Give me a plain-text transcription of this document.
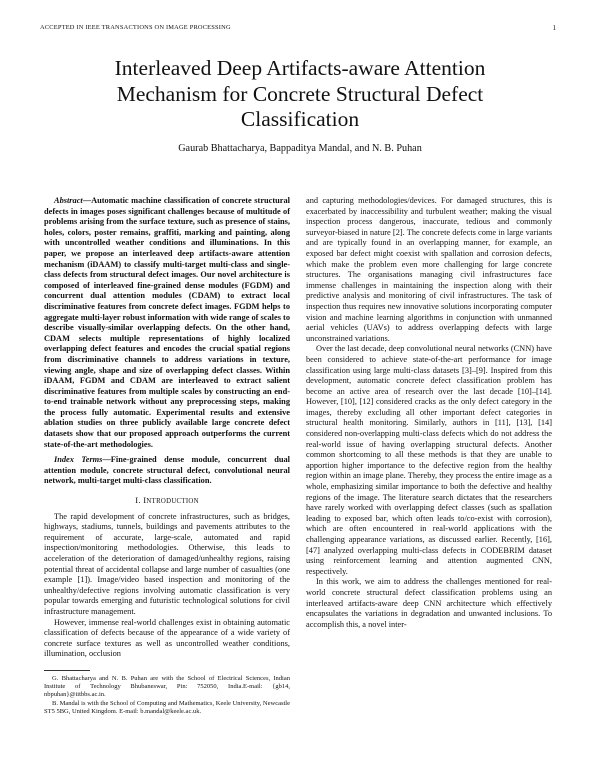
ACCEPTED IN IEEE TRANSACTIONS ON IMAGE PROCESSING	1
Interleaved Deep Artifacts-aware Attention
Mechanism for Concrete Structural Defect
Classification
Gaurab Bhattacharya, Bappaditya Mandal, and N. B. Puhan

Abstract—Automatic machine classification of concrete structural defects in images poses significant challenges because of multitude of problems arising from the surface texture, such as presence of stains, holes, colors, poster remains, graffiti, marking and painting, along with uncontrolled weather conditions and illuminations. In this paper, we propose an interleaved deep artifacts-aware attention mechanism (iDAAM) to classify multi-target multi-class and single-class defects from structural defect images. Our novel architecture is composed of interleaved fine-grained dense modules (FGDM) and concurrent dual attention modules (CDAM) to extract local discriminative features from concrete defect images. FGDM helps to aggregate multi-layer robust information with wide range of scales to describe visually-similar overlapping defects. On the other hand, CDAM selects multiple representations of highly localized overlapping defect features and encodes the crucial spatial regions from discriminative channels to address variations in texture, viewing angle, shape and size of overlapping defect classes. Within iDAAM, FGDM and CDAM are interleaved to extract salient discriminative features from multiple scales by constructing an end-to-end trainable network without any preprocessing steps, making the process fully automatic. Experimental results and extensive ablation studies on three publicly available large concrete defect datasets show that our proposed approach outperforms the current state-of-the-art methodologies.

Index Terms—Fine-grained dense module, concurrent dual attention module, concrete structural defect, convolutional neural network, multi-target multi-class classification.

I. INTRODUCTION

The rapid development of concrete infrastructures, such as bridges, highways, stadiums, tunnels, buildings and pavements attributes to the requirement of accurate, large-scale, automated and rapid inspection/monitoring methodologies. Otherwise, this leads to acceleration of the deterioration of damaged/unhealthy regions, raising potential threat of accidental collapse and large number of casualties (one example [1]). Image/video based inspection and monitoring of the unhealthy/defective regions involving automatic classification is very popular towards emerging and futuristic technological solutions for civil infrastructure management.

However, immense real-world challenges exist in obtaining automatic classification of defects because of the appearance of a wide variety of concrete surface textures as well as uncontrolled weather conditions, illumination, occlusion

G. Bhattacharya and N. B. Puhan are with the School of Electrical Sciences, Indian Institute of Technology Bhubaneswar, Pin: 752050, India.E-mail: {gb14, nbpuhan}@iitbbs.ac.in.

B. Mandal is with the School of Computing and Mathematics, Keele University, Newcastle ST5 5BG, United Kingdom. E-mail: b.mandal@keele.ac.uk.

and capturing methodologies/devices. For damaged structures, this is exacerbated by inaccessibility and turbulent weather; making the visual inspection process dangerous, inaccurate, tedious and commonly surveyor-biased in nature [2]. The concrete defects come in large variants and are typically found in an overlapping manner, for example, an exposed bar defect might coexist with spallation and corrosion defects, which make the problem even more challenging for large concrete structures. The organisations managing civil infrastructures face immense challenges in maintaining the inspection along with their predictive analysis and monitoring of civil infrastructures. The task of inspection thus requires new innovative solutions incorporating computer vision and machine learning algorithms in conjunction with unmanned aerial vehicles (UAVs) to address overlapping defects with large unconstrained variations.

Over the last decade, deep convolutional neural networks (CNN) have been considered to achieve state-of-the-art performance for image classification using large multi-class datasets [3]–[9]. Inspired from this development, automatic concrete defect classification problem has become an active area of research over the last decade [10]–[14]. However, [10], [12] considered cracks as the only defect category in the images, thereby excluding all other important defect categories in structural health monitoring. Similarly, authors in [11], [13], [14] considered non-overlapping multi-class defects which do not address the real-world issue of having overlapping structural defects. Another common shortcoming to all these methods is that they are unable to apportion higher importance to the defective region from the healthy region within an image plane. Thereby, they process the entire image as a whole, emphasizing similar importance to both the defective and healthy regions of the image. The literature search dictates that the researchers have rarely worked with overlapping defect classes (such as spallation leading to exposed bar, which often leads to/co-exist with corrosion), which are often encountered in real-world applications with the challenging appearance variations, as discussed earlier. Recently, [16], [47] analyzed overlapping multi-class defects in CODEBRIM dataset using reinforcement learning and attention augmented CNN, respectively.

In this work, we aim to address the challenges mentioned for real-world concrete structural defect classification problems using an interleaved artifacts-aware deep CNN architecture which effectively encapsulates the variations in degradation and unwanted inclusions. To accomplish this, a novel inter-
